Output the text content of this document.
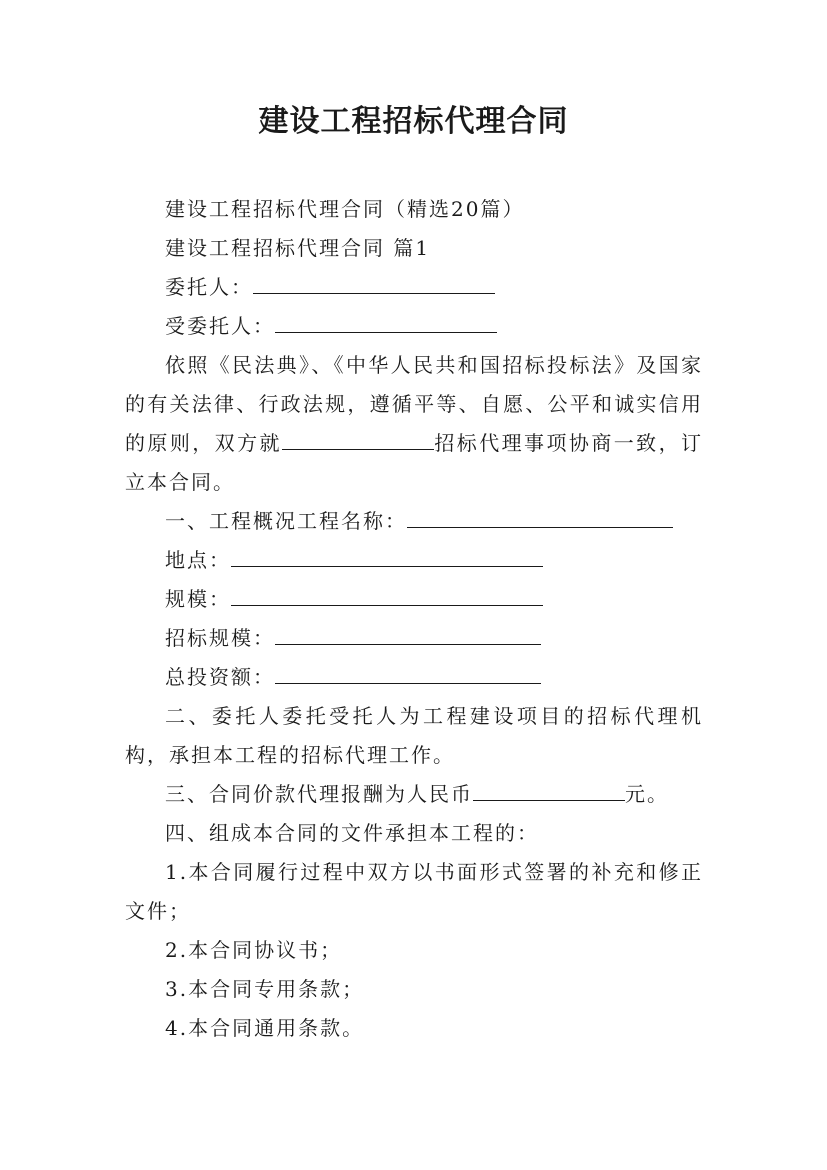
建设工程招标代理合同

建设工程招标代理合同（精选20篇）

建设工程招标代理合同 篇1

委托人：

受委托人：

依照《民法典》、《中华人民共和国招标投标法》及国家的有关法律、行政法规，遵循平等、自愿、公平和诚实信用的原则，双方就	招标代理事项协商一致，订立本合同。

一、工程概况工程名称：

地点：

规模：

招标规模：

总投资额：

二、委托人委托受托人为工程建设项目的招标代理机构，承担本工程的招标代理工作。

三、合同价款代理报酬为人民币	元。

四、组成本合同的文件承担本工程的：

1.本合同履行过程中双方以书面形式签署的补充和修正文件；

2.本合同协议书；

3.本合同专用条款；

4.本合同通用条款。
